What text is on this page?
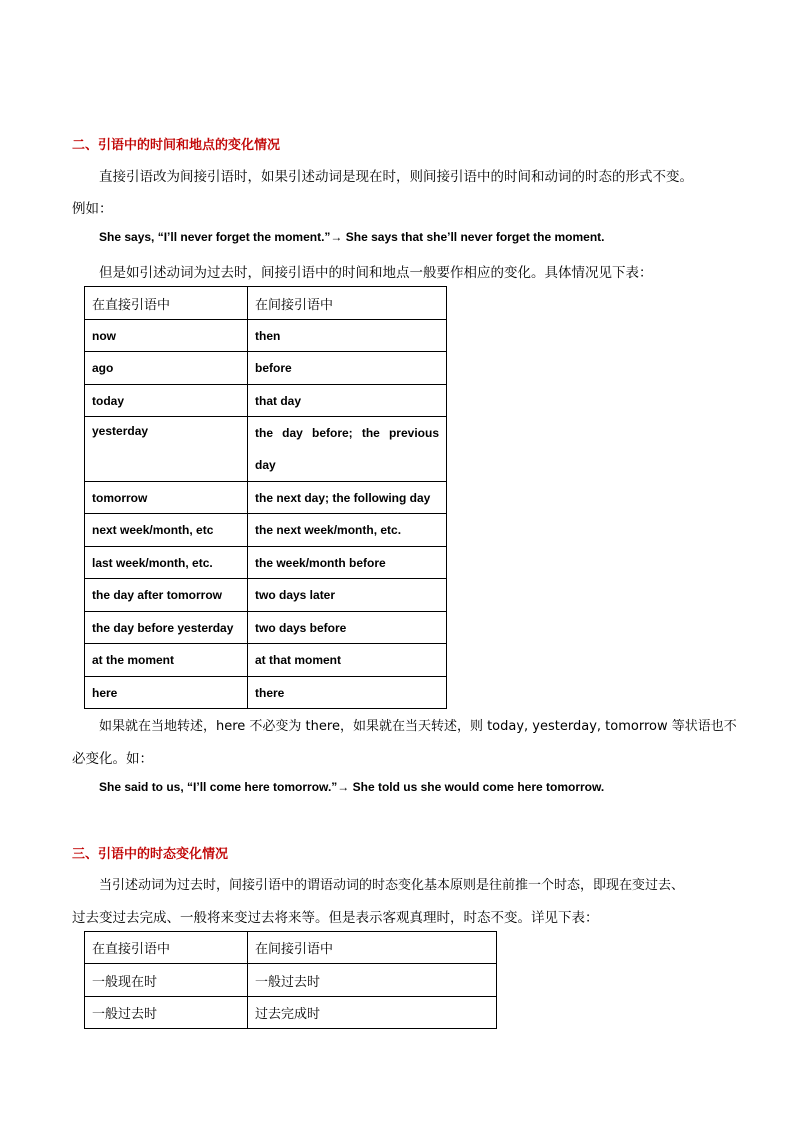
二、引语中的时间和地点的变化情况
直接引语改为间接引语时，如果引述动词是现在时，则间接引语中的时间和动词的时态的形式不变。
例如：
She says, “I’ll never forget the moment.”→ She says that she’ll never forget the moment.
但是如引述动词为过去时，间接引语中的时间和地点一般要作相应的变化。具体情况见下表：
在直接引语中	在间接引语中
now	then
ago	before
today	that day
yesterday	the day before; the previous day
tomorrow	the next day; the following day
next week/month, etc	the next week/month, etc.
last week/month, etc.	the week/month before
the day after tomorrow	two days later
the day before yesterday	two days before
at the moment	at that moment
here	there
如果就在当地转述，here 不必变为 there，如果就在当天转述，则 today, yesterday, tomorrow 等状语也不
必变化。如：
She said to us, “I’ll come here tomorrow.”→ She told us she would come here tomorrow.
三、引语中的时态变化情况
当引述动词为过去时，间接引语中的谓语动词的时态变化基本原则是往前推一个时态，即现在变过去、
过去变过去完成、一般将来变过去将来等。但是表示客观真理时，时态不变。详见下表：
在直接引语中	在间接引语中
一般现在时	一般过去时
一般过去时	过去完成时
